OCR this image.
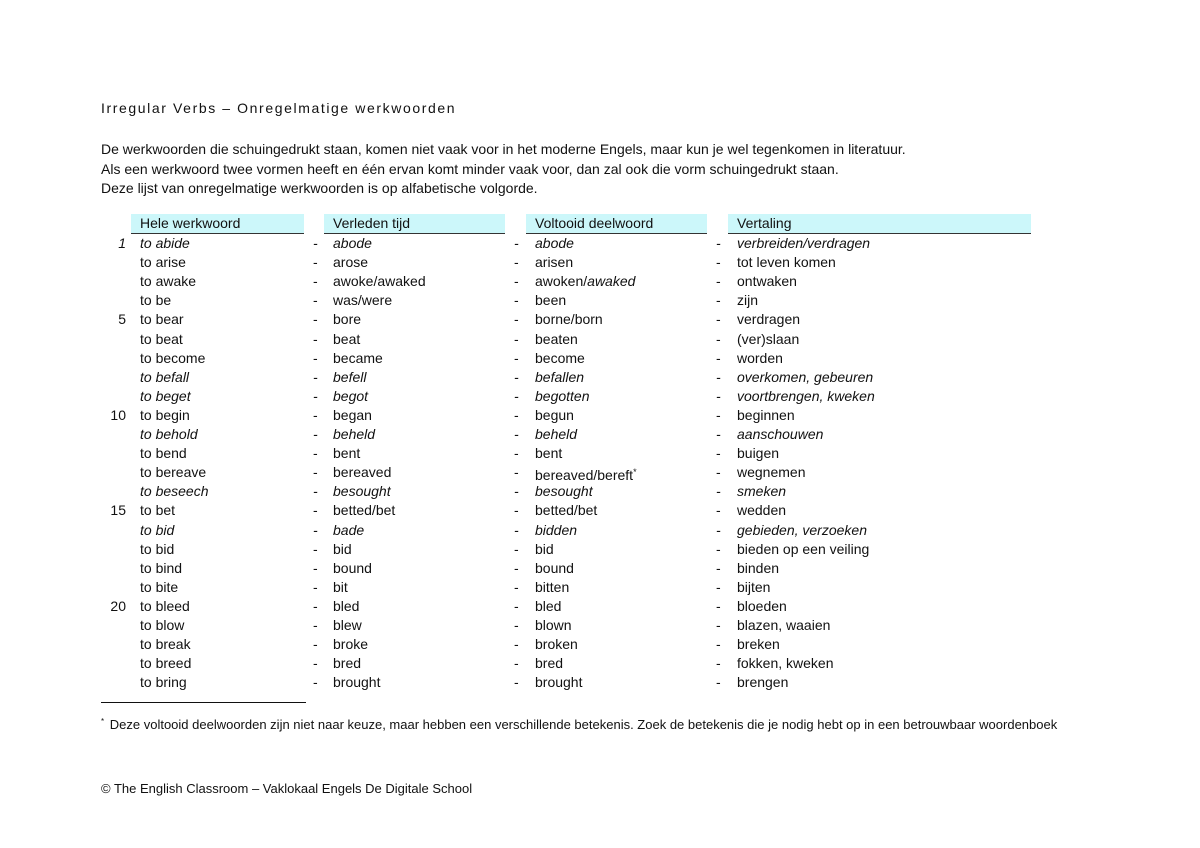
Irregular Verbs – Onregelmatige werkwoorden
De werkwoorden die schuingedrukt staan, komen niet vaak voor in het moderne Engels, maar kun je wel tegenkomen in literatuur.
Als een werkwoord twee vormen heeft en één ervan komt minder vaak voor, dan zal ook die vorm schuingedrukt staan.
Deze lijst van onregelmatige werkwoorden is op alfabetische volgorde.
Hele werkwoord	Verleden tijd	Voltooid deelwoord	Vertaling
1 to abide	- abode	- abode	- verbreiden/verdragen
to arise	- arose	- arisen	- tot leven komen
to awake	- awoke/awaked	- awoken/awaked	- ontwaken
to be	- was/were	- been	- zijn
5 to bear	- bore	- borne/born	- verdragen
to beat	- beat	- beaten	- (ver)slaan
to become	- became	- become	- worden
to befall	- befell	- befallen	- overkomen, gebeuren
to beget	- begot	- begotten	- voortbrengen, kweken
10 to begin	- began	- begun	- beginnen
to behold	- beheld	- beheld	- aanschouwen
to bend	- bent	- bent	- buigen
to bereave	- bereaved	- bereaved/bereft*	- wegnemen
to beseech	- besought	- besought	- smeken
15 to bet	- betted/bet	- betted/bet	- wedden
to bid	- bade	- bidden	- gebieden, verzoeken
to bid	- bid	- bid	- bieden op een veiling
to bind	- bound	- bound	- binden
to bite	- bit	- bitten	- bijten
20 to bleed	- bled	- bled	- bloeden
to blow	- blew	- blown	- blazen, waaien
to break	- broke	- broken	- breken
to breed	- bred	- bred	- fokken, kweken
to bring	- brought	- brought	- brengen
* Deze voltooid deelwoorden zijn niet naar keuze, maar hebben een verschillende betekenis. Zoek de betekenis die je nodig hebt op in een betrouwbaar woordenboek
© The English Classroom – Vaklokaal Engels De Digitale School
